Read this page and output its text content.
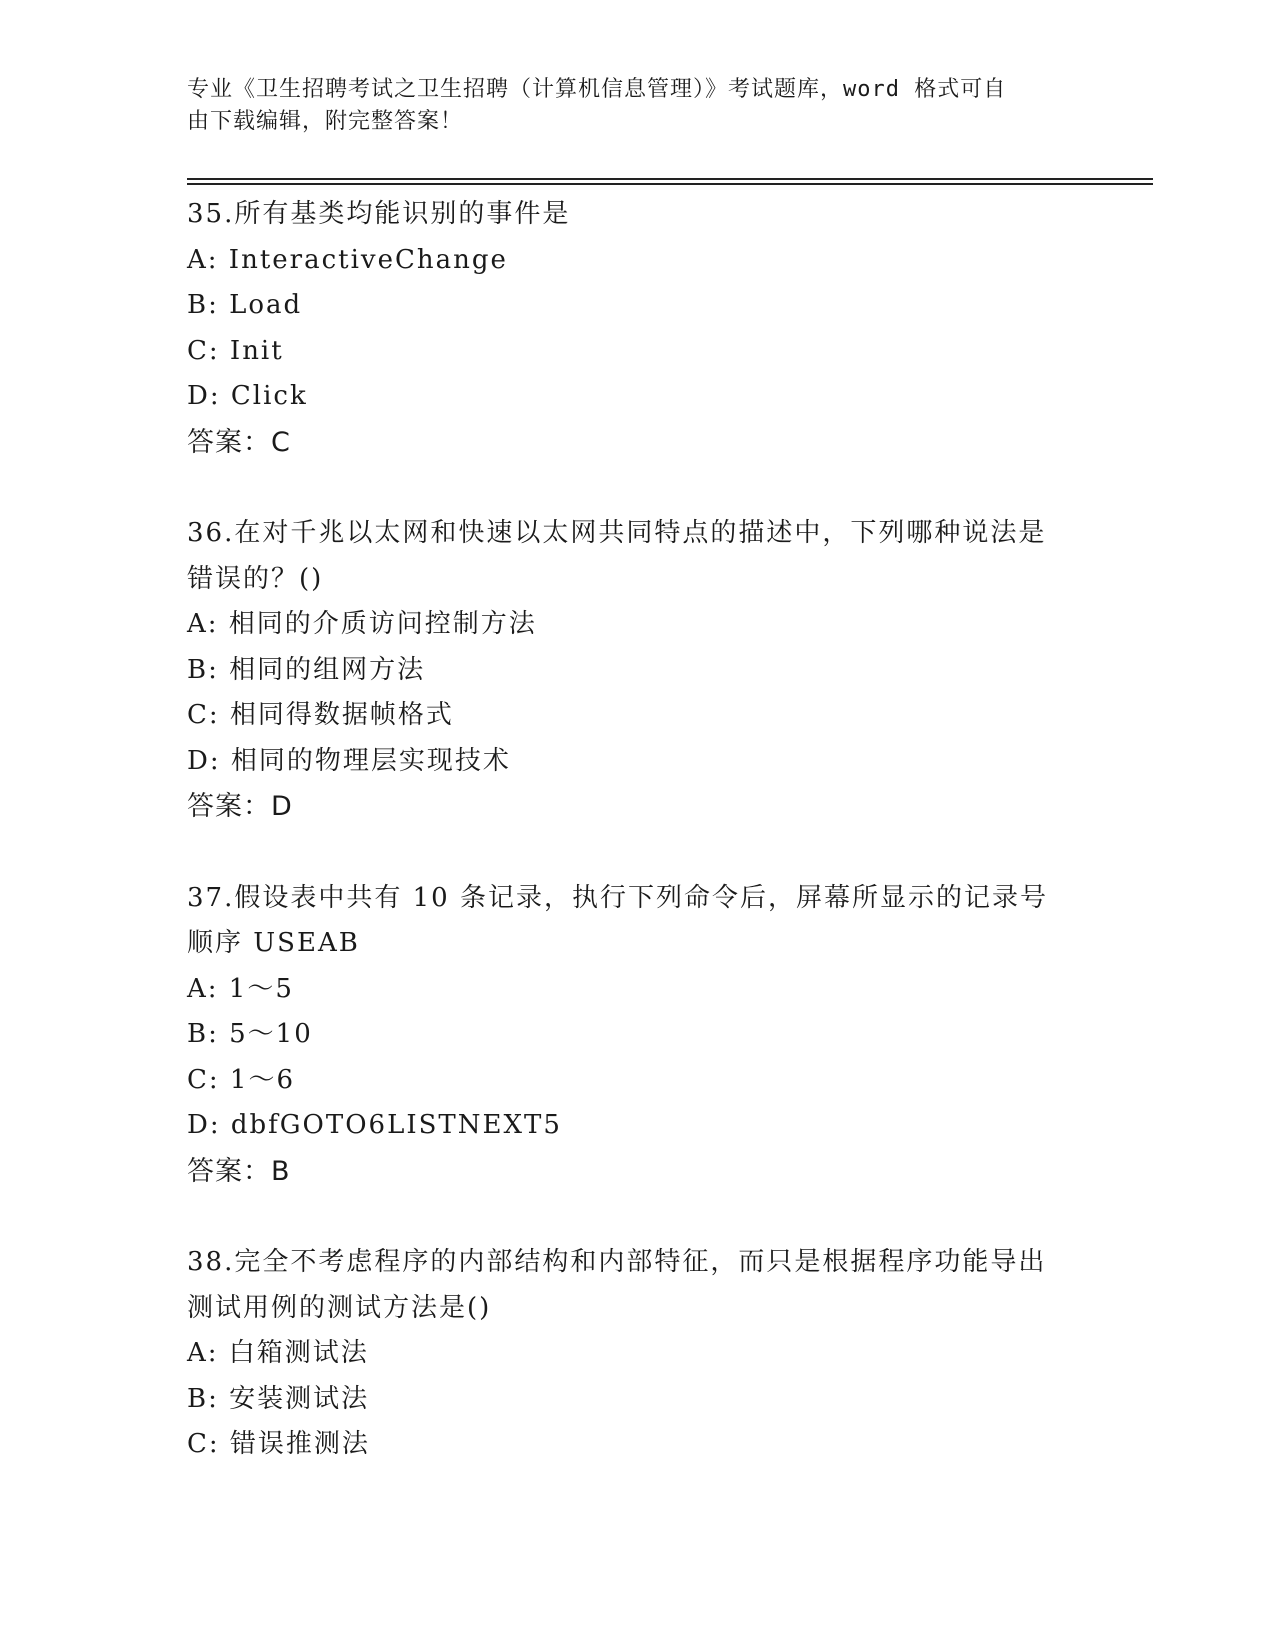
专业《卫生招聘考试之卫生招聘（计算机信息管理）》考试题库，word 格式可自
由下载编辑，附完整答案！
35.所有基类均能识别的事件是
A: InteractiveChange
B: Load
C: Init
D: Click
答案：C
36.在对千兆以太网和快速以太网共同特点的描述中，下列哪种说法是
错误的？()
A: 相同的介质访问控制方法
B: 相同的组网方法
C: 相同得数据帧格式
D: 相同的物理层实现技术
答案：D
37.假设表中共有 10 条记录，执行下列命令后，屏幕所显示的记录号
顺序 USEAB
A: 1～5
B: 5～10
C: 1～6
D: dbfGOTO6LISTNEXT5
答案：B
38.完全不考虑程序的内部结构和内部特征，而只是根据程序功能导出
测试用例的测试方法是()
A: 白箱测试法
B: 安装测试法
C: 错误推测法
